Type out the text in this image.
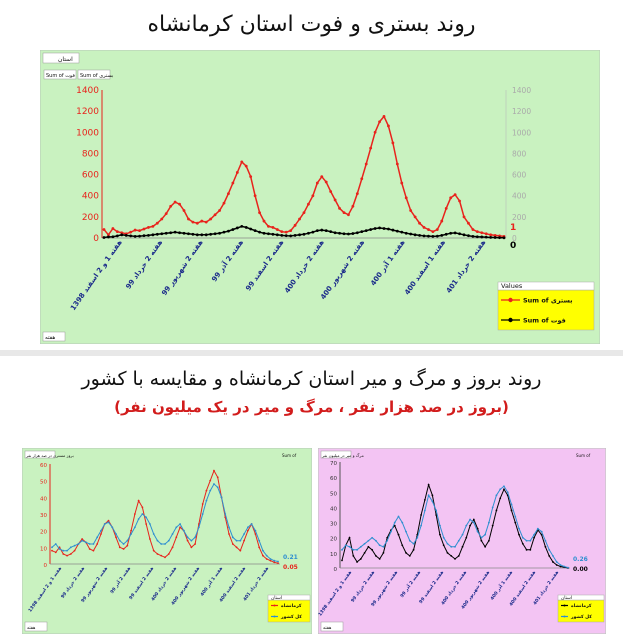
روند بستری و فوت استان کرمانشاه
استان
Sum of فوت Sum of بستری
هفته
0	0
200	200
400	400
600	600
800	800
1000	1000
1200	1200
1400	1400
هفته 1 و 2 اسفند 1398
هفته 2 خرداد 99
هفته 2 شهریور 99
هفته 2 آذر 99
هفته 2 اسفند 99
هفته 2 خرداد 400
هفته 2 شهریور 400
هفته 1 آذر 400
هفته 1 اسفند 400
هفته 2 خرداد 401
1
0
Values
Sum of بستری
Sum of فوت
روند بروز و مرگ و میر استان کرمانشاه و مقایسه با کشور
(بروز در صد هزار نفر ، مرگ و میر در یک میلیون نفر)
بروز مستری در صد هزار نفر	Sum of
هفته
0
10
20
30
40
50
60
هفته 1 و 2 اسفند 1398
هفته 2 خرداد 99
هفته 2 شهریور 99
هفته 2 آذر 99
هفته 2 اسفند 99
هفته 2 خرداد 400
هفته 2 شهریور 400
هفته 1 آذر 400
هفته 2 اسفند 400
هفته 2 خرداد 401
0.21
0.05
استان
کرمانشاه
کل کشور
مرگ و میر در میلیون نفر	Sum of
هفته
0
10
20
30
40
50
60
70
هفته 1 و 2 اسفند 1398
هفته 2 خرداد 99
هفته 2 شهریور 99
هفته 2 آذر 99
هفته 2 اسفند 99
هفته 2 خرداد 400
هفته 2 شهریور 400
هفته 1 آذر 400
هفته 2 اسفند 400
هفته 2 خرداد 401
0.26
0.00
استان
کرمانشاه
کل کشور
